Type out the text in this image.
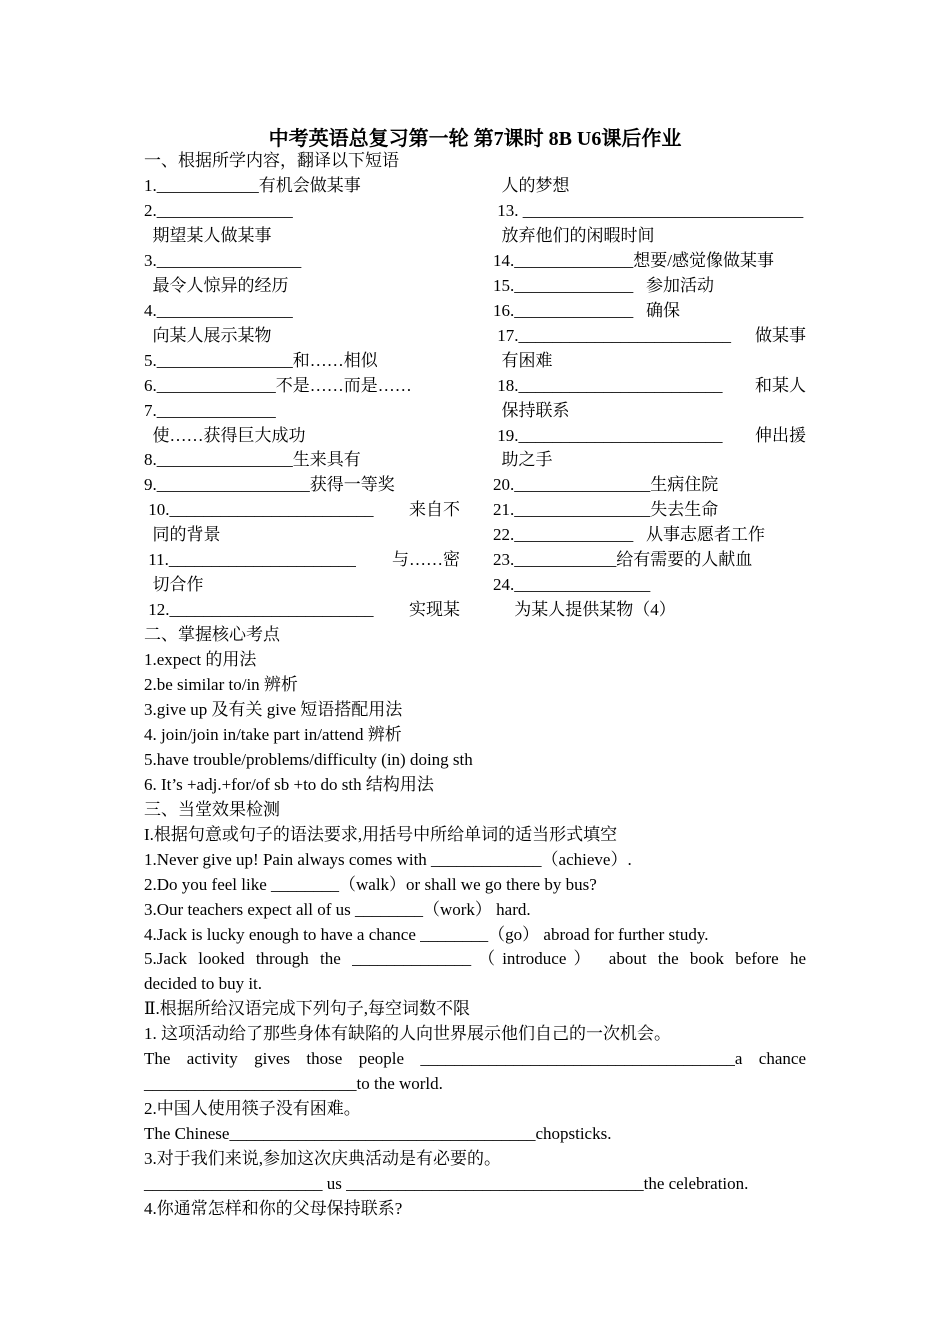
中考英语总复习第一轮 第7课时 8B U6课后作业
一、根据所学内容，翻译以下短语
1.____________有机会做某事
2.________________
期望某人做某事
3._________________
最令人惊异的经历
4.________________
向某人展示某物
5.________________和……相似
6.______________不是……而是……
7.______________
使……获得巨大成功
8.________________生来具有
9.__________________获得一等奖
10.________________________ 来自不
同的背景
11.______________________ 与……密
切合作
12.________________________ 实现某
人的梦想
13. _________________________________
放弃他们的闲暇时间
14.______________想要/感觉像做某事
15.______________   参加活动
16.______________   确保
17._________________________ 做某事
有困难
18.________________________ 和某人
保持联系
19.________________________ 伸出援
助之手
20.________________生病住院
21.________________失去生命
22.______________   从事志愿者工作
23.____________给有需要的人献血
24.________________
为某人提供某物（4）
二、掌握核心考点
1.expect 的用法
2.be similar to/in 辨析
3.give up 及有关 give 短语搭配用法
4. join/join in/take part in/attend 辨析
5.have trouble/problems/difficulty (in) doing sth
6. It’s +adj.+for/of sb +to do sth 结构用法
三、当堂效果检测
I.根据句意或句子的语法要求,用括号中所给单词的适当形式填空
1.Never give up! Pain always comes with _____________（achieve）.
2.Do you feel like ________（walk）or shall we go there by bus?
3.Our teachers expect all of us ________（work） hard.
4.Jack is lucky enough to have a chance ________（go） abroad for further study.
5.Jack looked through the ______________（introduce） about the book before he
decided to buy it.
Ⅱ.根据所给汉语完成下列句子,每空词数不限
1. 这项活动给了那些身体有缺陷的人向世界展示他们自己的一次机会。
The activity gives those people _____________________________________a chance
_________________________to the world.
2.中国人使用筷子没有困难。
The Chinese____________________________________chopsticks.
3.对于我们来说,参加这次庆典活动是有必要的。
_____________________ us ___________________________________the celebration.
4.你通常怎样和你的父母保持联系?
